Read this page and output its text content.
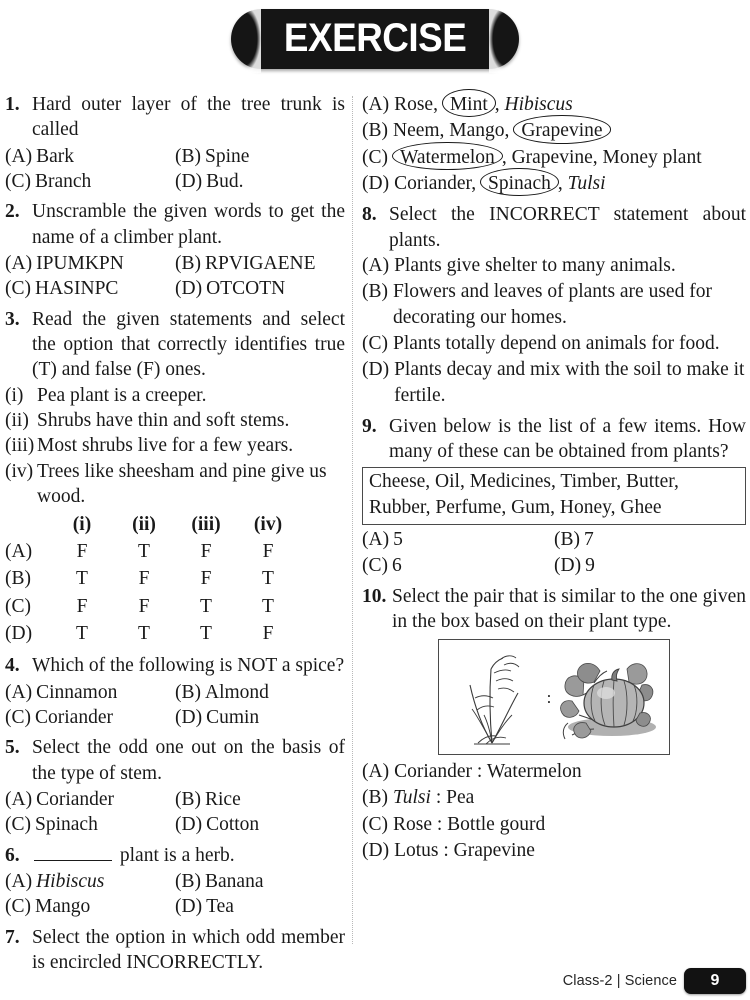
EXERCISE
1. Hard outer layer of the tree trunk is called
(A) Bark	(B) Spine
(C) Branch	(D) Bud.
2. Unscramble the given words to get the name of a climber plant.
(A) IPUMKPN	(B) RPVIGAENE
(C) HASINPC	(D) OTCOTN
3. Read the given statements and select the option that correctly identifies true (T) and false (F) ones.
(i) Pea plant is a creeper.
(ii) Shrubs have thin and soft stems.
(iii) Most shrubs live for a few years.
(iv) Trees like sheesham and pine give us wood.
	(i)	(ii)	(iii)	(iv)
(A)	F	T	F	F
(B)	T	F	F	T
(C)	F	F	T	T
(D)	T	T	T	F
4. Which of the following is NOT a spice?
(A) Cinnamon	(B) Almond
(C) Coriander	(D) Cumin
5. Select the odd one out on the basis of the type of stem.
(A) Coriander	(B) Rice
(C) Spinach	(D) Cotton
6.	plant is a herb.
(A) Hibiscus	(B) Banana
(C) Mango	(D) Tea
7. Select the option in which odd member is encircled INCORRECTLY.
(A) Rose, Mint , Hibiscus
(B) Neem, Mango, Grapevine
(C) Watermelon , Grapevine, Money plant
(D) Coriander, Spinach , Tulsi
8. Select the INCORRECT statement about plants.
(A) Plants give shelter to many animals.
(B) Flowers and leaves of plants are used for decorating our homes.
(C) Plants totally depend on animals for food.
(D) Plants decay and mix with the soil to make it fertile.
9. Given below is the list of a few items. How many of these can be obtained from plants?
Cheese, Oil, Medicines, Timber, Butter,
Rubber, Perfume, Gum, Honey, Ghee
(A) 5	(B) 7
(C) 6	(D) 9
10. Select the pair that is similar to the one given in the box based on their plant type.
:
(A) Coriander : Watermelon
(B) Tulsi : Pea
(C) Rose : Bottle gourd
(D) Lotus : Grapevine
Class-2 | Science	9
